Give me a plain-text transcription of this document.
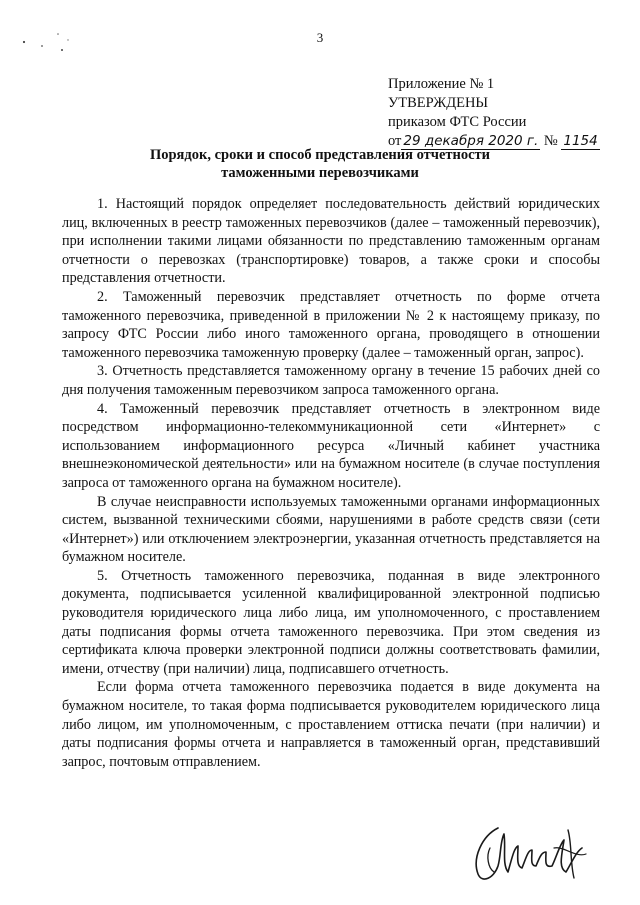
3
Приложение № 1
УТВЕРЖДЕНЫ
приказом ФТС России
от 29 декабря 2020 г. № 1154
Порядок, сроки и способ представления отчетности
таможенными перевозчиками

1. Настоящий порядок определяет последовательность действий юридических лиц, включенных в реестр таможенных перевозчиков (далее – таможенный перевозчик), при исполнении такими лицами обязанности по представлению таможенным органам отчетности о перевозках (транспортировке) товаров, а также сроки и способы представления отчетности.

2. Таможенный перевозчик представляет отчетность по форме отчета таможенного перевозчика, приведенной в приложении № 2 к настоящему приказу, по запросу ФТС России либо иного таможенного органа, проводящего в отношении таможенного перевозчика таможенную проверку (далее – таможенный орган, запрос).

3. Отчетность представляется таможенному органу в течение 15 рабочих дней со дня получения таможенным перевозчиком запроса таможенного органа.

4. Таможенный перевозчик представляет отчетность в электронном виде посредством информационно-телекоммуникационной сети «Интернет» с использованием информационного ресурса «Личный кабинет участника внешнеэкономической деятельности» или на бумажном носителе (в случае поступления запроса от таможенного органа на бумажном носителе).

В случае неисправности используемых таможенными органами информационных систем, вызванной техническими сбоями, нарушениями в работе средств связи (сети «Интернет») или отключением электроэнергии, указанная отчетность представляется на бумажном носителе.

5. Отчетность таможенного перевозчика, поданная в виде электронного документа, подписывается усиленной квалифицированной электронной подписью руководителя юридического лица либо лица, им уполномоченного, с проставлением даты подписания формы отчета таможенного перевозчика. При этом сведения из сертификата ключа проверки электронной подписи должны соответствовать фамилии, имени, отчеству (при наличии) лица, подписавшего отчетность.

Если форма отчета таможенного перевозчика подается в виде документа на бумажном носителе, то такая форма подписывается руководителем юридического лица либо лицом, им уполномоченным, с проставлением оттиска печати (при наличии) и даты подписания формы отчета и направляется в таможенный орган, представивший запрос, почтовым отправлением.
